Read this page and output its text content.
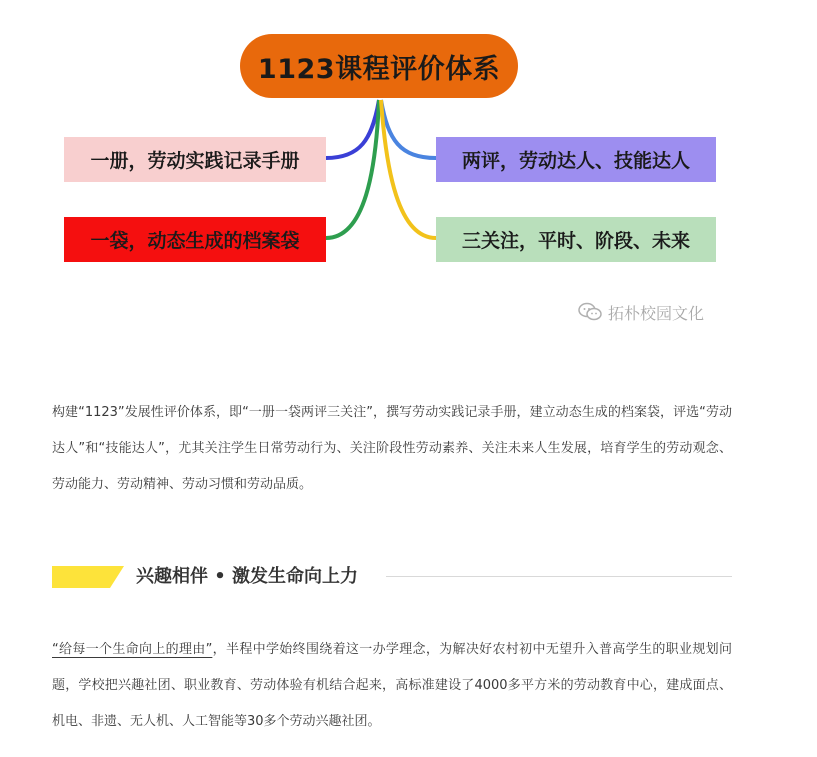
1123课程评价体系
一册，劳动实践记录手册
一袋，动态生成的档案袋
两评，劳动达人、技能达人
三关注，平时、阶段、未来
拓朴校园文化

构建“1123”发展性评价体系，即“一册一袋两评三关注”，撰写劳动实践记录手册，建立动态生成的档案袋，评选“劳动达人”和“技能达人”，尤其关注学生日常劳动行为、关注阶段性劳动素养、关注未来人生发展，培育学生的劳动观念、劳动能力、劳动精神、劳动习惯和劳动品质。

兴趣相伴 • 激发生命向上力

“给每一个生命向上的理由”，半程中学始终围绕着这一办学理念，为解决好农村初中无望升入普高学生的职业规划问题，学校把兴趣社团、职业教育、劳动体验有机结合起来，高标准建设了4000多平方米的劳动教育中心，建成面点、机电、非遗、无人机、人工智能等30多个劳动兴趣社团。
